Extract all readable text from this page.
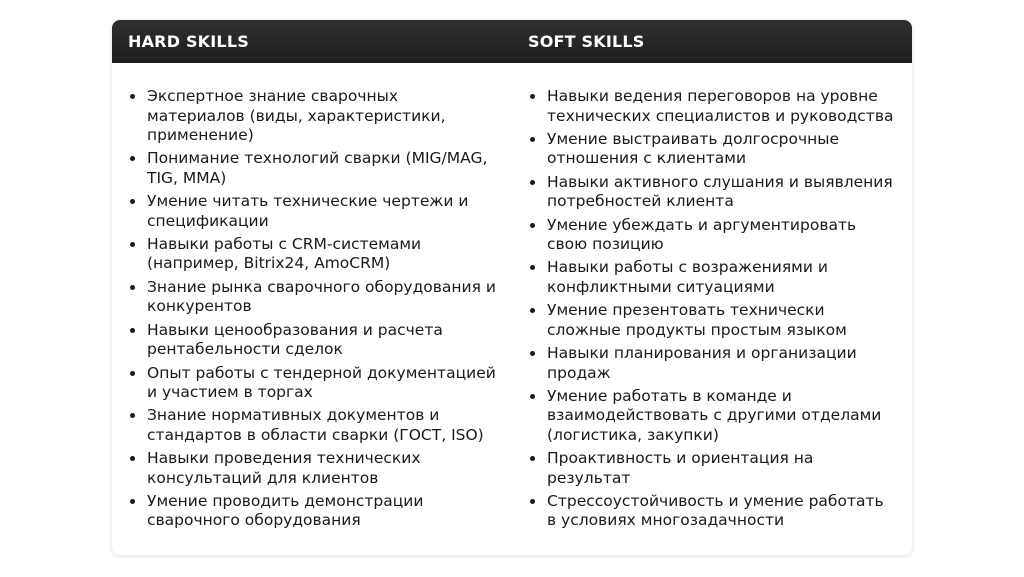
HARD SKILLS	SOFT SKILLS
Экспертное знание сварочных материалов (виды, характеристики, применение)
Понимание технологий сварки (MIG/MAG, TIG, MMA)
Умение читать технические чертежи и спецификации
Навыки работы с CRM-системами (например, Bitrix24, AmoCRM)
Знание рынка сварочного оборудования и конкурентов
Навыки ценообразования и расчета рентабельности сделок
Опыт работы с тендерной документацией и участием в торгах
Знание нормативных документов и стандартов в области сварки (ГОСТ, ISO)
Навыки проведения технических консультаций для клиентов
Умение проводить демонстрации сварочного оборудования
Навыки ведения переговоров на уровне технических специалистов и руководства
Умение выстраивать долгосрочные отношения с клиентами
Навыки активного слушания и выявления потребностей клиента
Умение убеждать и аргументировать свою позицию
Навыки работы с возражениями и конфликтными ситуациями
Умение презентовать технически сложные продукты простым языком
Навыки планирования и организации продаж
Умение работать в команде и взаимодействовать с другими отделами (логистика, закупки)
Проактивность и ориентация на результат
Стрессоустойчивость и умение работать в условиях многозадачности
